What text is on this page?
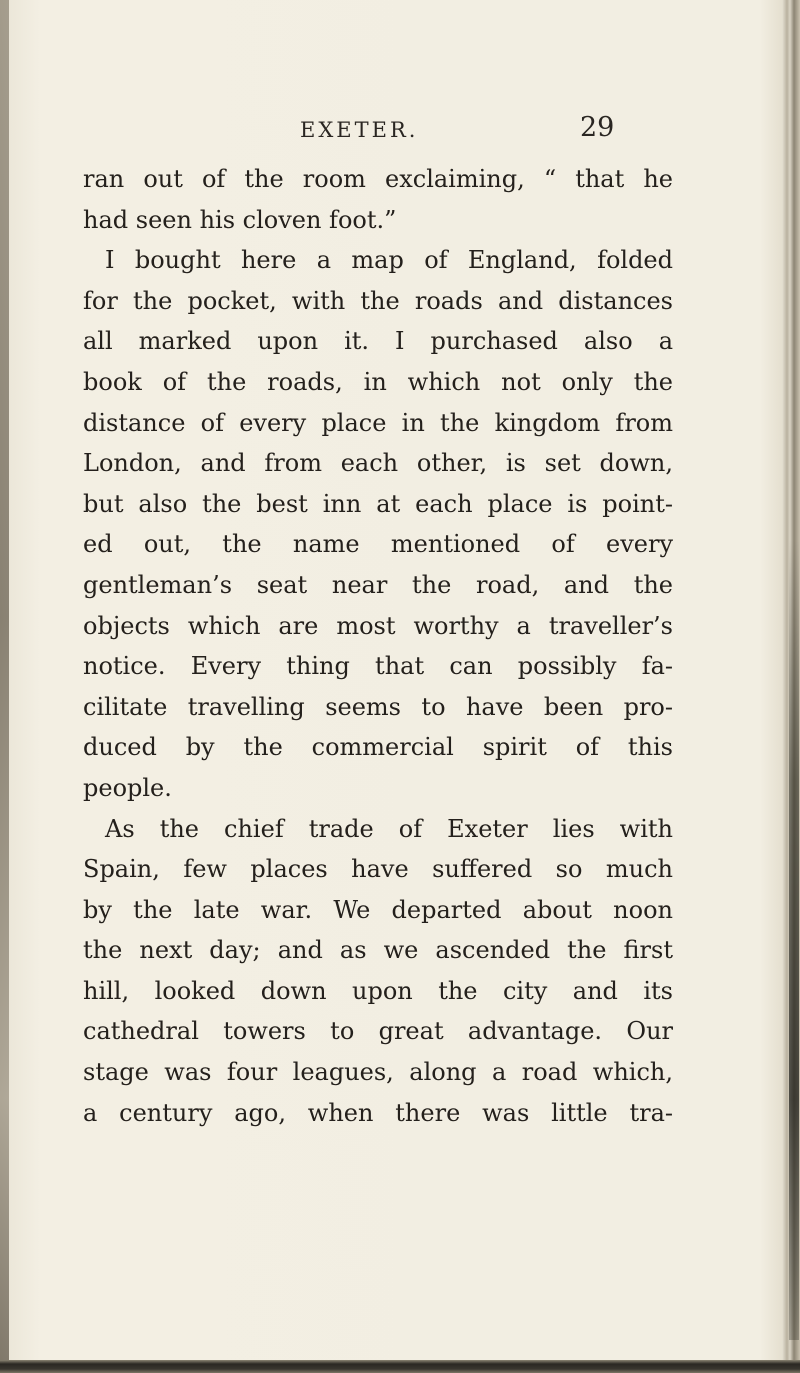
EXETER.	29
ran out of the room exclaiming, “ that he
had seen his cloven foot.”
I bought here a map of England, folded
for the pocket, with the roads and distances
all marked upon it. I purchased also a
book of the roads, in which not only the
distance of every place in the kingdom from
London, and from each other, is set down,
but also the best inn at each place is point-
ed out, the name mentioned of every
gentleman’s seat near the road, and the
objects which are most worthy a traveller’s
notice. Every thing that can possibly fa-
cilitate travelling seems to have been pro-
duced by the commercial spirit of this
people.
As the chief trade of Exeter lies with
Spain, few places have suffered so much
by the late war. We departed about noon
the next day; and as we ascended the first
hill, looked down upon the city and its
cathedral towers to great advantage. Our
stage was four leagues, along a road which,
a century ago, when there was little tra-
